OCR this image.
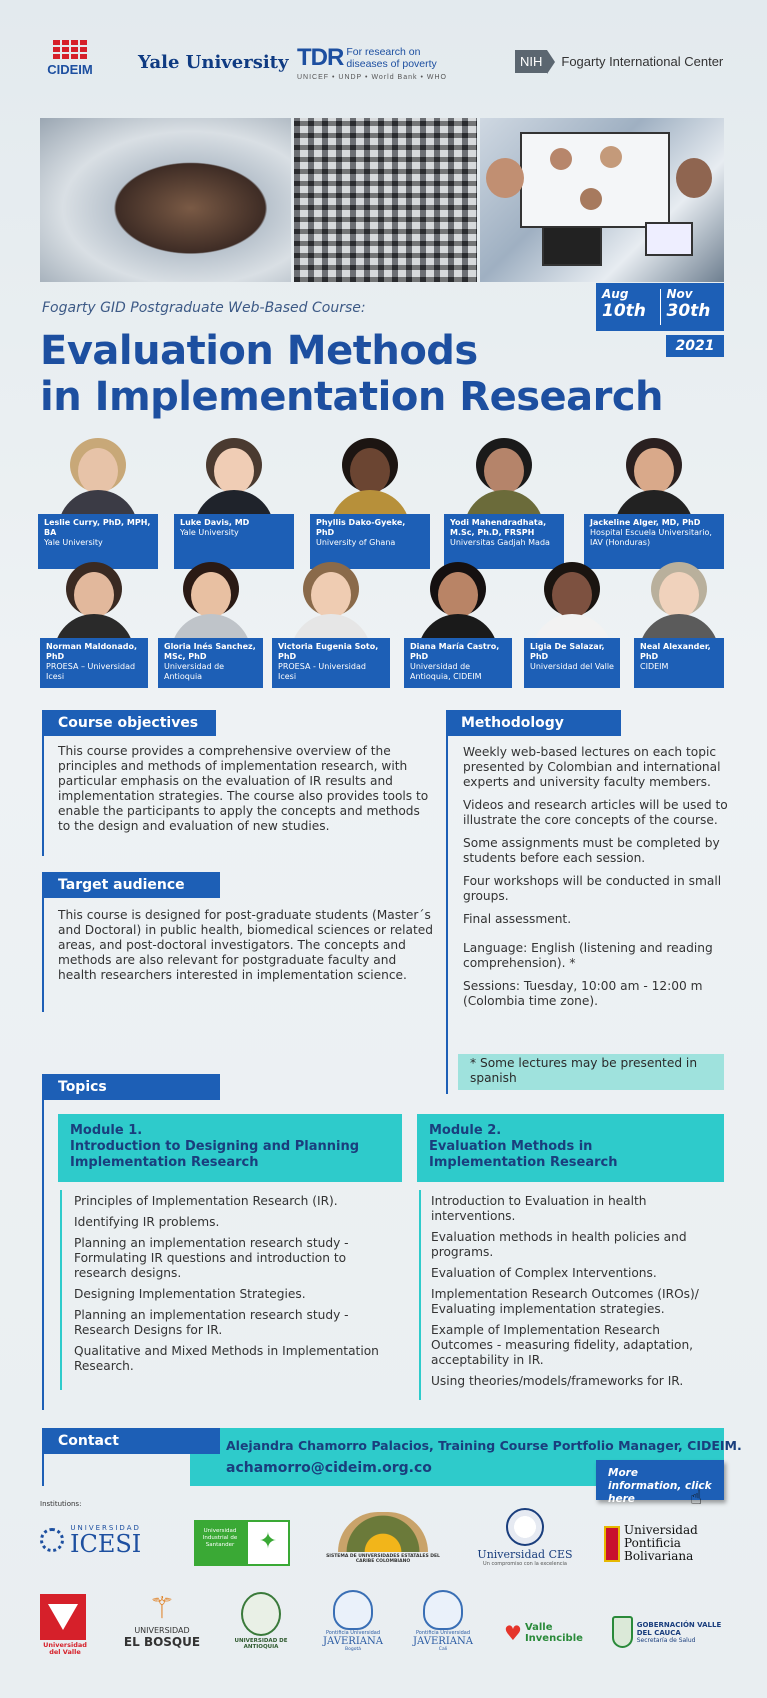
CIDEIM	Yale University TDR For research on diseases of poverty
UNICEF • UNDP • World Bank • WHO
NIH	Fogarty International Center
Fogarty GID Postgraduate Web-Based Course:
Evaluation Methods
in Implementation Research
Aug
10th
Nov
30th
2021
Leslie Curry, PhD, MPH, BA
Yale University
Luke Davis, MD
Yale University
Phyllis Dako-Gyeke, PhD
University of Ghana
Yodi Mahendradhata, M.Sc, Ph.D, FRSPH
Universitas Gadjah Mada
Jackeline Alger, MD, PhD
Hospital Escuela Universitario, IAV (Honduras)
Norman Maldonado, PhD
PROESA – Universidad Icesi
Gloria Inés Sanchez, MSc, PhD
Universidad de Antioquia
Victoria Eugenia Soto, PhD
PROESA - Universidad Icesi
Diana María Castro, PhD
Universidad de Antioquia, CIDEIM
Ligia De Salazar, PhD
Universidad del Valle
Neal Alexander, PhD
CIDEIM
Course objectives
This course provides a comprehensive overview of the principles and methods of implementation research, with particular emphasis on the evaluation of IR results and implementation strategies. The course also provides tools to enable the participants to apply the concepts and methods to the design and evaluation of new studies.
Target audience
This course is designed for post-graduate students (Master´s and Doctoral) in public health, biomedical sciences or related areas, and post-doctoral investigators. The concepts and methods are also relevant for postgraduate faculty and health researchers interested in implementation science.
Methodology
Weekly web-based lectures on each topic presented by Colombian and international experts and university faculty members.
Videos and research articles will be used to illustrate the core concepts of the course.
Some assignments must be completed by students before each session.
Four workshops will be conducted in small groups.
Final assessment.
Language: English (listening and reading comprehension). *
Sessions: Tuesday, 10:00 am - 12:00 m (Colombia time zone).
* Some lectures may be presented in spanish
Topics
Module 1.
Introduction to Designing and Planning Implementation Research
Principles of Implementation Research (IR).
Identifying IR problems.
Planning an implementation research study - Formulating IR questions and introduction to research designs.
Designing Implementation Strategies.
Planning an implementation research study - Research Designs for IR.
Qualitative and Mixed Methods in Implementation Research.
Module 2.
Evaluation Methods in Implementation Research
Introduction to Evaluation in health interventions.
Evaluation methods in health policies and programs.
Evaluation of Complex Interventions.
Implementation Research Outcomes (IROs)/ Evaluating implementation strategies.
Example of Implementation Research Outcomes - measuring fidelity, adaptation, acceptability in IR.
Using theories/models/frameworks for IR.
Contact	Alejandra Chamorro Palacios, Training Course Portfolio Manager, CIDEIM.
achamorro@cideim.org.co	More information, click here	☝
Institutions:
UNIVERSIDAD
ICESI	Universidad Industrial de Santander	✦
SISTEMA DE UNIVERSIDADES ESTATALES DEL CARIBE COLOMBIANO
Universidad CES
Un compromiso con la excelencia
Universidad Pontificia Bolivariana
Universidad del Valle
⚚
UNIVERSIDAD
EL BOSQUE	UNIVERSIDAD DE ANTIOQUIA
Pontificia Universidad
JAVERIANA
Bogotá
Pontificia Universidad
JAVERIANA
Cali
♥ Valle Invencible
GOBERNACIÓN VALLE DEL CAUCA
Secretaría de Salud
